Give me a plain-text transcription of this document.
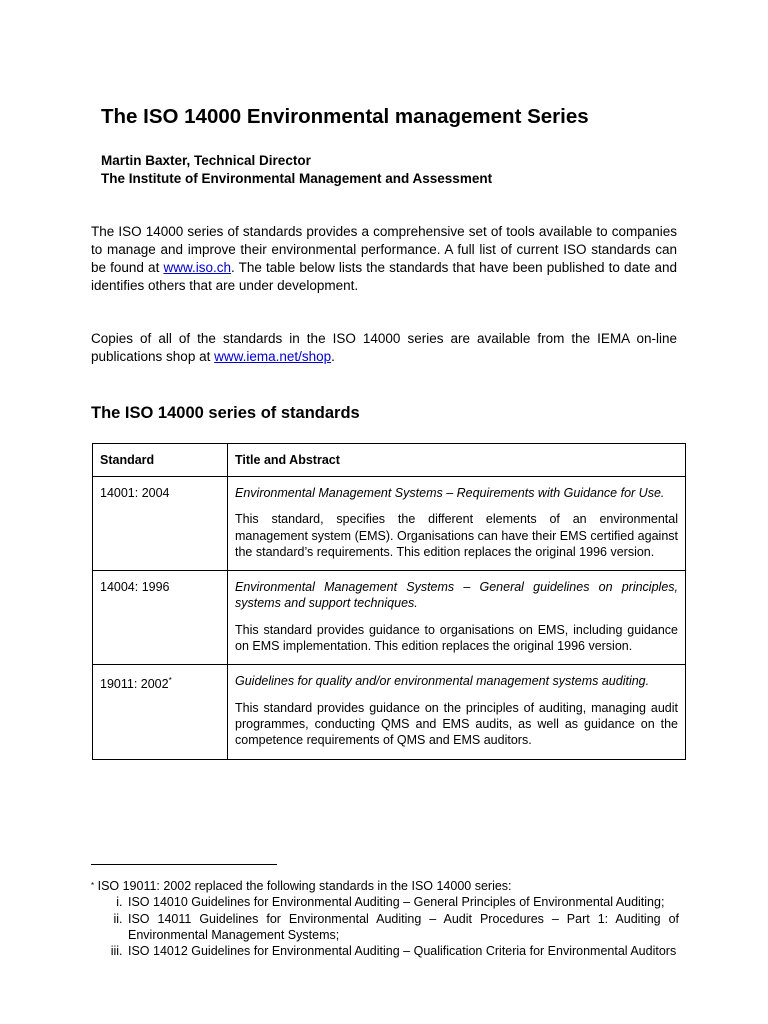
The ISO 14000 Environmental management Series
Martin Baxter, Technical Director
The Institute of Environmental Management and Assessment
The ISO 14000 series of standards provides a comprehensive set of tools available to companies to manage and improve their environmental performance. A full list of current ISO standards can be found at www.iso.ch. The table below lists the standards that have been published to date and identifies others that are under development.
Copies of all of the standards in the ISO 14000 series are available from the IEMA on-line publications shop at www.iema.net/shop.
The ISO 14000 series of standards
Standard	Title and Abstract

14001: 2004	Environmental Management Systems – Requirements with Guidance for Use.
This standard, specifies the different elements of an environmental management system (EMS). Organisations can have their EMS certified against the standard’s requirements. This edition replaces the original 1996 version.

14004: 1996	Environmental Management Systems – General guidelines on principles, systems and support techniques.
This standard provides guidance to organisations on EMS, including guidance on EMS implementation. This edition replaces the original 1996 version.

19011: 2002*	Guidelines for quality and/or environmental management systems auditing.
This standard provides guidance on the principles of auditing, managing audit programmes, conducting QMS and EMS audits, as well as guidance on the competence requirements of QMS and EMS auditors.
* ISO 19011: 2002 replaced the following standards in the ISO 14000 series:
i. ISO 14010 Guidelines for Environmental Auditing – General Principles of Environmental Auditing;
ii. ISO 14011 Guidelines for Environmental Auditing – Audit Procedures – Part 1: Auditing of Environmental Management Systems;
iii. ISO 14012 Guidelines for Environmental Auditing – Qualification Criteria for Environmental Auditors
